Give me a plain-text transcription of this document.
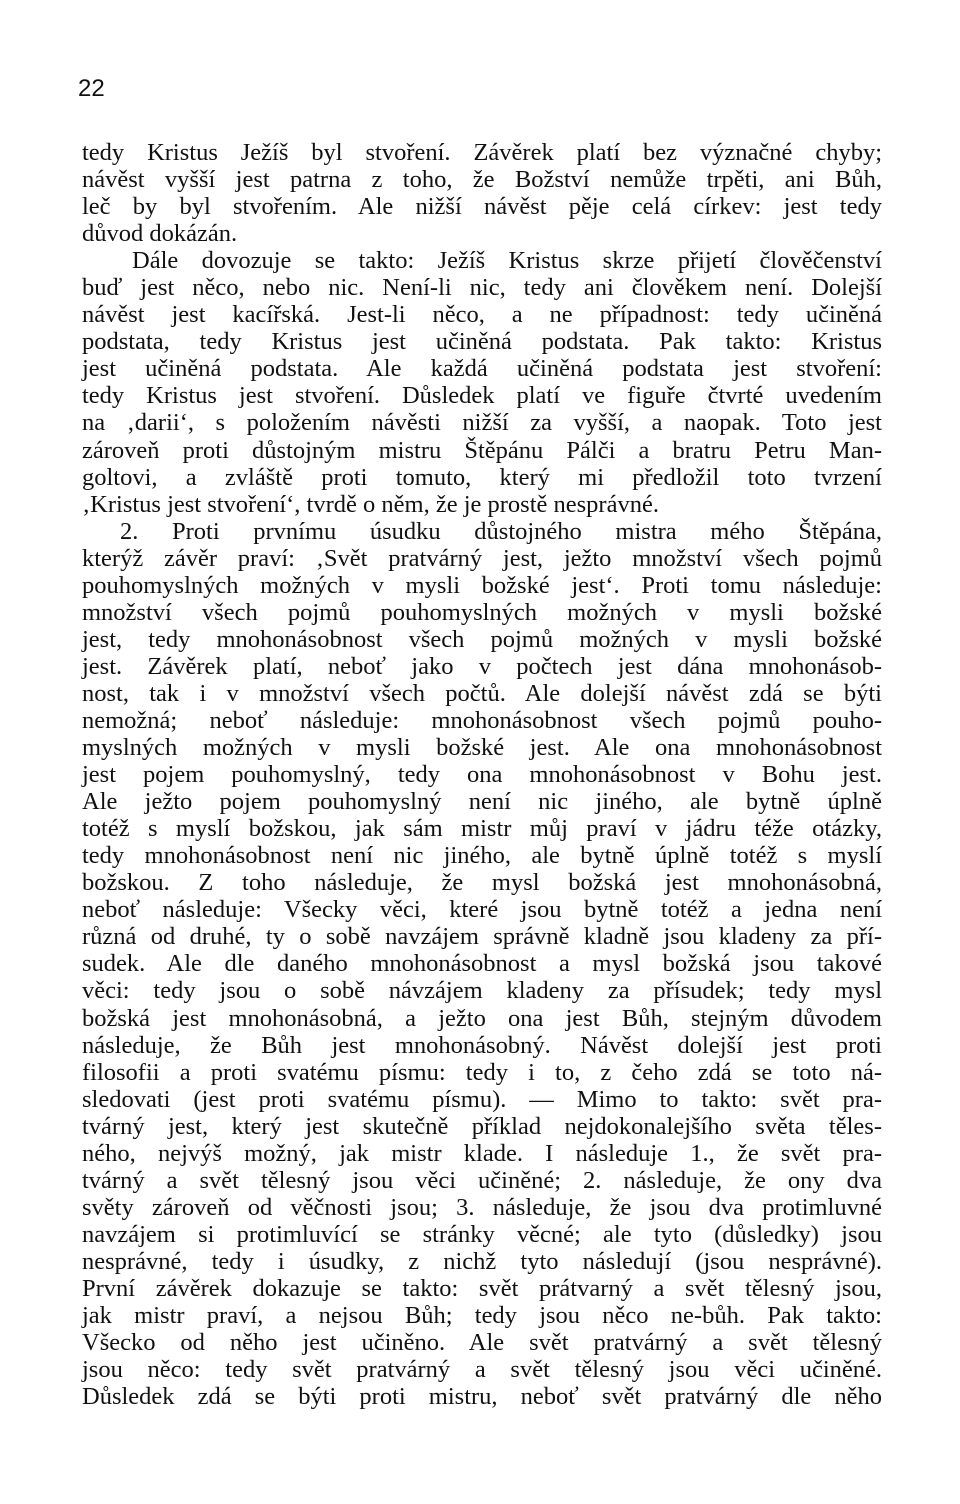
22
tedy Kristus Ježíš byl stvoření. Závěrek platí bez význačné chyby;
návěst vyšší jest patrna z toho, že Božství nemůže trpěti, ani Bůh,
leč by byl stvořením. Ale nižší návěst pěje celá církev: jest tedy
důvod dokázán.
Dále dovozuje se takto: Ježíš Kristus skrze přijetí člověčenství
buď jest něco, nebo nic. Není-li nic, tedy ani člověkem není. Dolejší
návěst jest kacířská. Jest-li něco, a ne případnost: tedy učiněná
podstata, tedy Kristus jest učiněná podstata. Pak takto: Kristus
jest učiněná podstata. Ale každá učiněná podstata jest stvoření:
tedy Kristus jest stvoření. Důsledek platí ve figuře čtvrté uvedením
na ‚darii‘, s položením návěsti nižší za vyšší, a naopak. Toto jest
zároveň proti důstojným mistru Štěpánu Pálči a bratru Petru Man-
goltovi, a zvláště proti tomuto, který mi předložil toto tvrzení
‚Kristus jest stvoření‘, tvrdě o něm, že je prostě nesprávné.
2. Proti prvnímu úsudku důstojného mistra mého Štěpána,
kterýž závěr praví: ‚Svět pratvárný jest, ježto množství všech pojmů
pouhomyslných možných v mysli božské jest‘. Proti tomu následuje:
množství všech pojmů pouhomyslných možných v mysli božské
jest, tedy mnohonásobnost všech pojmů možných v mysli božské
jest. Závěrek platí, neboť jako v počtech jest dána mnohonásob-
nost, tak i v množství všech počtů. Ale dolejší návěst zdá se býti
nemožná; neboť následuje: mnohonásobnost všech pojmů pouho-
myslných možných v mysli božské jest. Ale ona mnohonásobnost
jest pojem pouhomyslný, tedy ona mnohonásobnost v Bohu jest.
Ale ježto pojem pouhomyslný není nic jiného, ale bytně úplně
totéž s myslí božskou, jak sám mistr můj praví v jádru téže otázky,
tedy mnohonásobnost není nic jiného, ale bytně úplně totéž s myslí
božskou. Z toho následuje, že mysl božská jest mnohonásobná,
neboť následuje: Všecky věci, které jsou bytně totéž a jedna není
různá od druhé, ty o sobě navzájem správně kladně jsou kladeny za pří-
sudek. Ale dle daného mnohonásobnost a mysl božská jsou takové
věci: tedy jsou o sobě návzájem kladeny za přísudek; tedy mysl
božská jest mnohonásobná, a ježto ona jest Bůh, stejným důvodem
následuje, že Bůh jest mnohonásobný. Návěst dolejší jest proti
filosofii a proti svatému písmu: tedy i to, z čeho zdá se toto ná-
sledovati (jest proti svatému písmu). — Mimo to takto: svět pra-
tvárný jest, který jest skutečně příklad nejdokonalejšího světa těles-
ného, nejvýš možný, jak mistr klade. I následuje 1., že svět pra-
tvárný a svět tělesný jsou věci učiněné; 2. následuje, že ony dva
světy zároveň od věčnosti jsou; 3. následuje, že jsou dva protimluvné
navzájem si protimluvící se stránky věcné; ale tyto (důsledky) jsou
nesprávné, tedy i úsudky, z nichž tyto následují (jsou nesprávné).
První závěrek dokazuje se takto: svět prátvarný a svět tělesný jsou,
jak mistr praví, a nejsou Bůh; tedy jsou něco ne-bůh. Pak takto:
Všecko od něho jest učiněno. Ale svět pratvárný a svět tělesný
jsou něco: tedy svět pratvárný a svět tělesný jsou věci učiněné.
Důsledek zdá se býti proti mistru, neboť svět pratvárný dle něho
